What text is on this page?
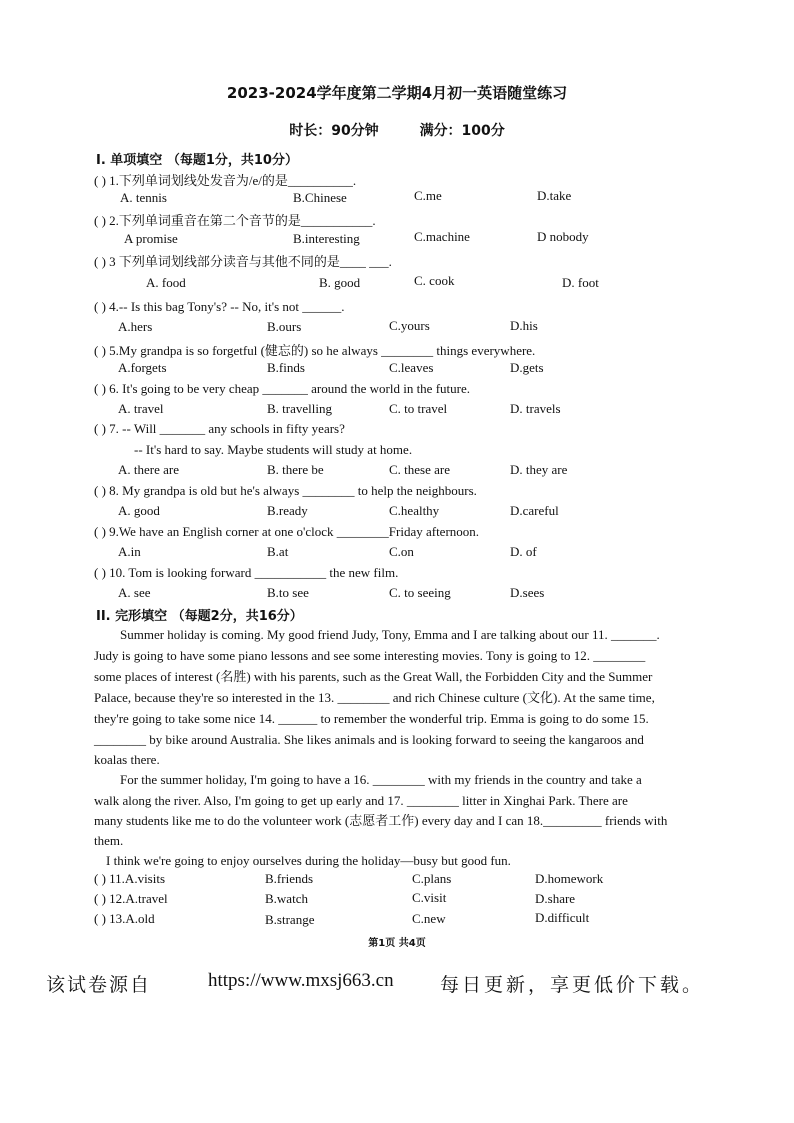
2023-2024学年度第二学期4月初一英语随堂练习
时长：90分钟	满分：100分
I. 单项填空 （每题1分，共10分）
( ) 1.下列单词划线处发音为/e/的是__________.
A. tennis	B.Chinese	C.me	D.take
( ) 2.下列单词重音在第二个音节的是___________.
A promise	B.interesting	C.machine	D nobody
( ) 3 下列单词划线部分读音与其他不同的是____ ___.
A. food	B. good	C. cook	D. foot
( ) 4.-- Is this bag Tony's? -- No, it's not ______.
A.hers	B.ours	C.yours	D.his
( ) 5.My grandpa is so forgetful (健忘的) so he always ________ things everywhere.
A.forgets	B.finds	C.leaves	D.gets
( ) 6. It's going to be very cheap _______ around the world in the future.
A. travel	B. travelling	C. to travel	D. travels
( ) 7. -- Will _______ any schools in fifty years?
-- It's hard to say. Maybe students will study at home.
A. there are	B. there be	C. these are	D. they are
( ) 8. My grandpa is old but he's always ________ to help the neighbours.
A. good	B.ready	C.healthy	D.careful
( ) 9.We have an English corner at one o'clock ________Friday afternoon.
A.in	B.at	C.on	D. of
( ) 10. Tom is looking forward ___________ the new film.
A. see	B.to see	C. to seeing	D.sees
II. 完形填空 （每题2分，共16分）
Summer holiday is coming. My good friend Judy, Tony, Emma and I are talking about our 11. _______.
Judy is going to have some piano lessons and see some interesting movies. Tony is going to 12. ________
some places of interest (名胜) with his parents, such as the Great Wall, the Forbidden City and the Summer
Palace, because they're so interested in the 13. ________ and rich Chinese culture (文化). At the same time,
they're going to take some nice 14. ______ to remember the wonderful trip. Emma is going to do some 15.
________ by bike around Australia. She likes animals and is looking forward to seeing the kangaroos and
koalas there.
For the summer holiday, I'm going to have a 16. ________ with my friends in the country and take a
walk along the river. Also, I'm going to get up early and 17. ________ litter in Xinghai Park. There are
many students like me to do the volunteer work (志愿者工作) every day and I can 18._________ friends with
them.
I think we're going to enjoy ourselves during the holiday—busy but good fun.
( ) 11.A.visits	B.friends	C.plans	D.homework
( ) 12.A.travel	B.watch	C.visit	D.share
( ) 13.A.old	B.strange	C.new	D.difficult
第1页 共4页
该试卷源自	https://www.mxsj663.cn 每日更新，享更低价下载。
